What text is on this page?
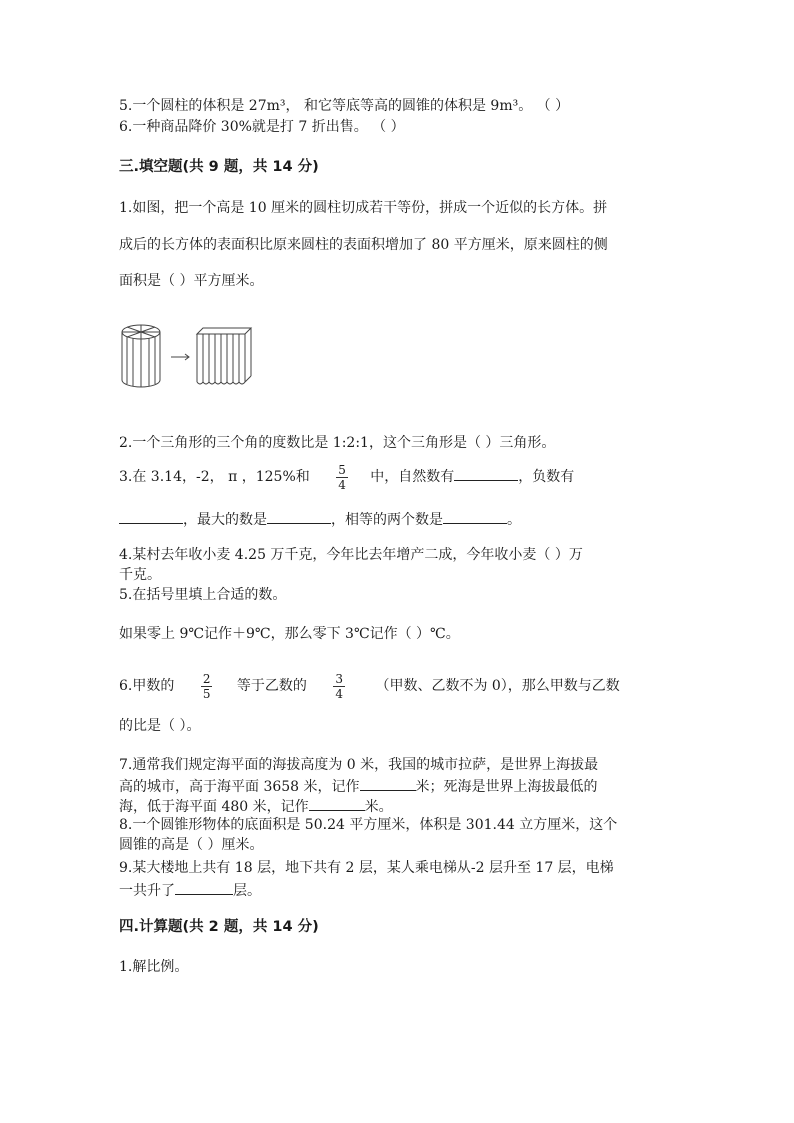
5.一个圆柱的体积是 27m³， 和它等底等高的圆锥的体积是 9m³。 （ ）
6.一种商品降价 30%就是打 7 折出售。 （ ）
三.填空题(共 9 题，共 14 分)
1.如图，把一个高是 10 厘米的圆柱切成若干等份，拼成一个近似的长方体。拼
成后的长方体的表面积比原来圆柱的表面积增加了 80 平方厘米，原来圆柱的侧
面积是（ ）平方厘米。
2.一个三角形的三个角的度数比是 1:2:1，这个三角形是（ ）三角形。
3.在 3.14，-2， π ，125%和 $\frac{5}{4}$ 中，自然数有	，负数有
，最大的数是	，相等的两个数是	。
4.某村去年收小麦 4.25 万千克，今年比去年增产二成，今年收小麦（ ）万
千克。
5.在括号里填上合适的数。
如果零上 9℃记作＋9℃，那么零下 3℃记作（ ）℃。
6.甲数的 $\frac{2}{5}$ 等于乙数的 $\frac{3}{4}$ （甲数、乙数不为 0），那么甲数与乙数
的比是（ ）。
7.通常我们规定海平面的海拔高度为 0 米，我国的城市拉萨，是世界上海拔最
高的城市，高于海平面 3658 米，记作	米；死海是世界上海拔最低的
海，低于海平面 480 米，记作	米。
8.一个圆锥形物体的底面积是 50.24 平方厘米，体积是 301.44 立方厘米，这个
圆锥的高是（ ）厘米。
9.某大楼地上共有 18 层，地下共有 2 层，某人乘电梯从-2 层升至 17 层，电梯
一共升了	层。
四.计算题(共 2 题，共 14 分)
1.解比例。
